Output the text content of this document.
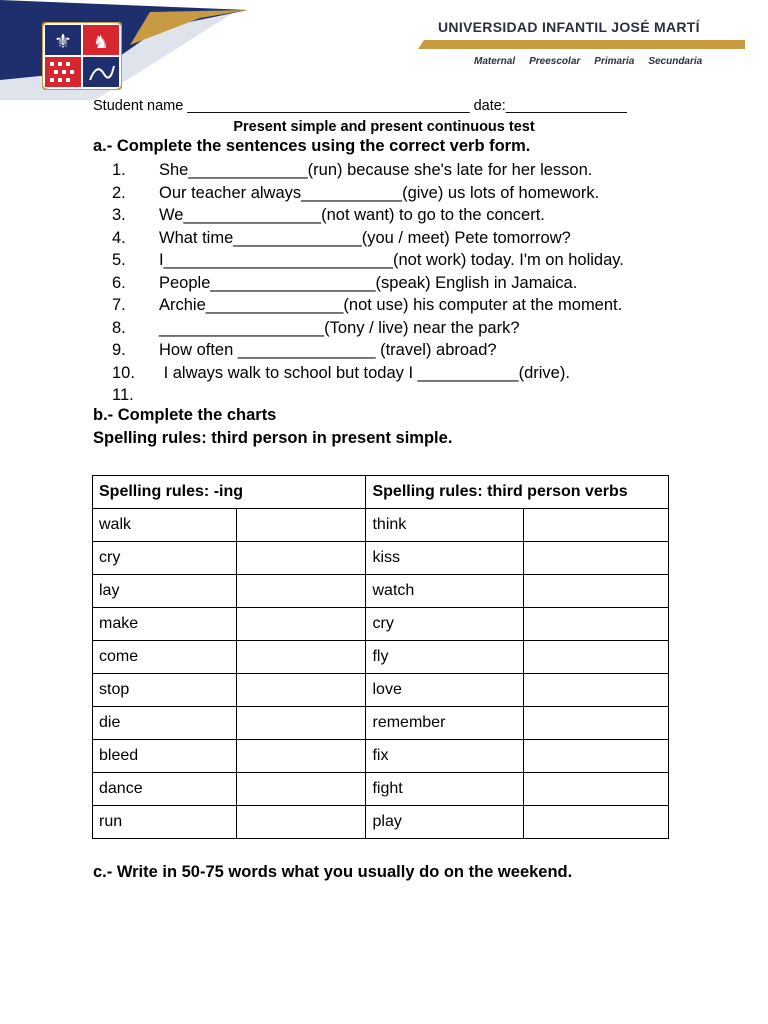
⚜ ♞
UNIVERSIDAD INFANTIL JOSÉ MARTÍ
Maternal Preescolar Primaria Secundaria
Student name ___________________________________ date:_______________
Present simple and present continuous test
a.- Complete the sentences using the correct verb form.
1. She_____________(run) because she's late for her lesson.
2. Our teacher always___________(give) us lots of homework.
3. We_______________(not want) to go to the concert.
4. What time______________(you / meet) Pete tomorrow?
5. I_________________________(not work) today. I'm on holiday.
6. People__________________(speak) English in Jamaica.
7. Archie_______________(not use) his computer at the moment.
8. __________________(Tony / live) near the park?
9. How often _______________ (travel) abroad?
10. I always walk to school but today I ___________(drive).
11.
b.- Complete the charts
Spelling rules: third person in present simple.
Spelling rules: -ing		Spelling rules: third person verbs	
walk		think	
cry		kiss	
lay		watch	
make		cry	
come		fly	
stop		love	
die		remember	
bleed		fix	
dance		fight	
run		play	
c.- Write in 50-75 words what you usually do on the weekend.
